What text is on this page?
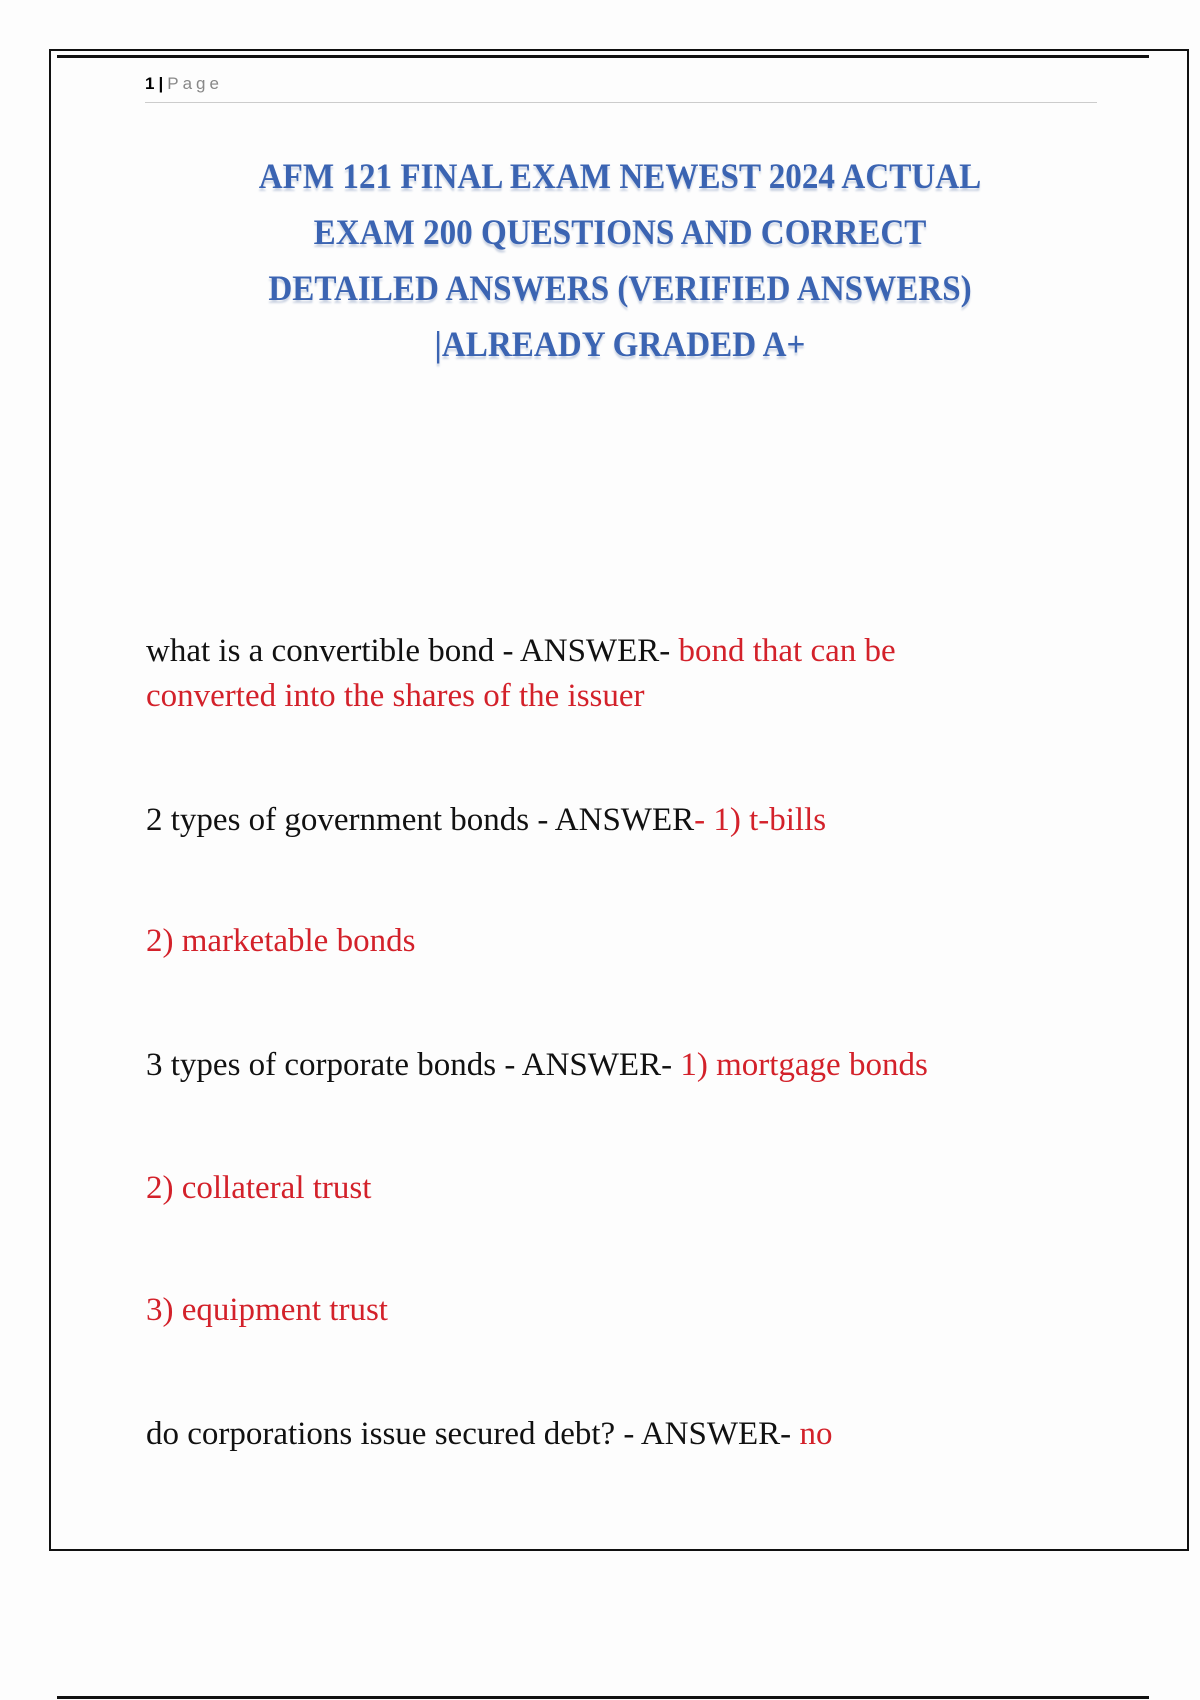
1 | Page
AFM 121 FINAL EXAM NEWEST 2024 ACTUAL
EXAM 200 QUESTIONS AND CORRECT
DETAILED ANSWERS (VERIFIED ANSWERS)
|ALREADY GRADED A+
what is a convertible bond - ANSWER- bond that can be
converted into the shares of the issuer
2 types of government bonds - ANSWER- 1) t-bills
2) marketable bonds
3 types of corporate bonds - ANSWER- 1) mortgage bonds
2) collateral trust
3) equipment trust
do corporations issue secured debt? - ANSWER- no
